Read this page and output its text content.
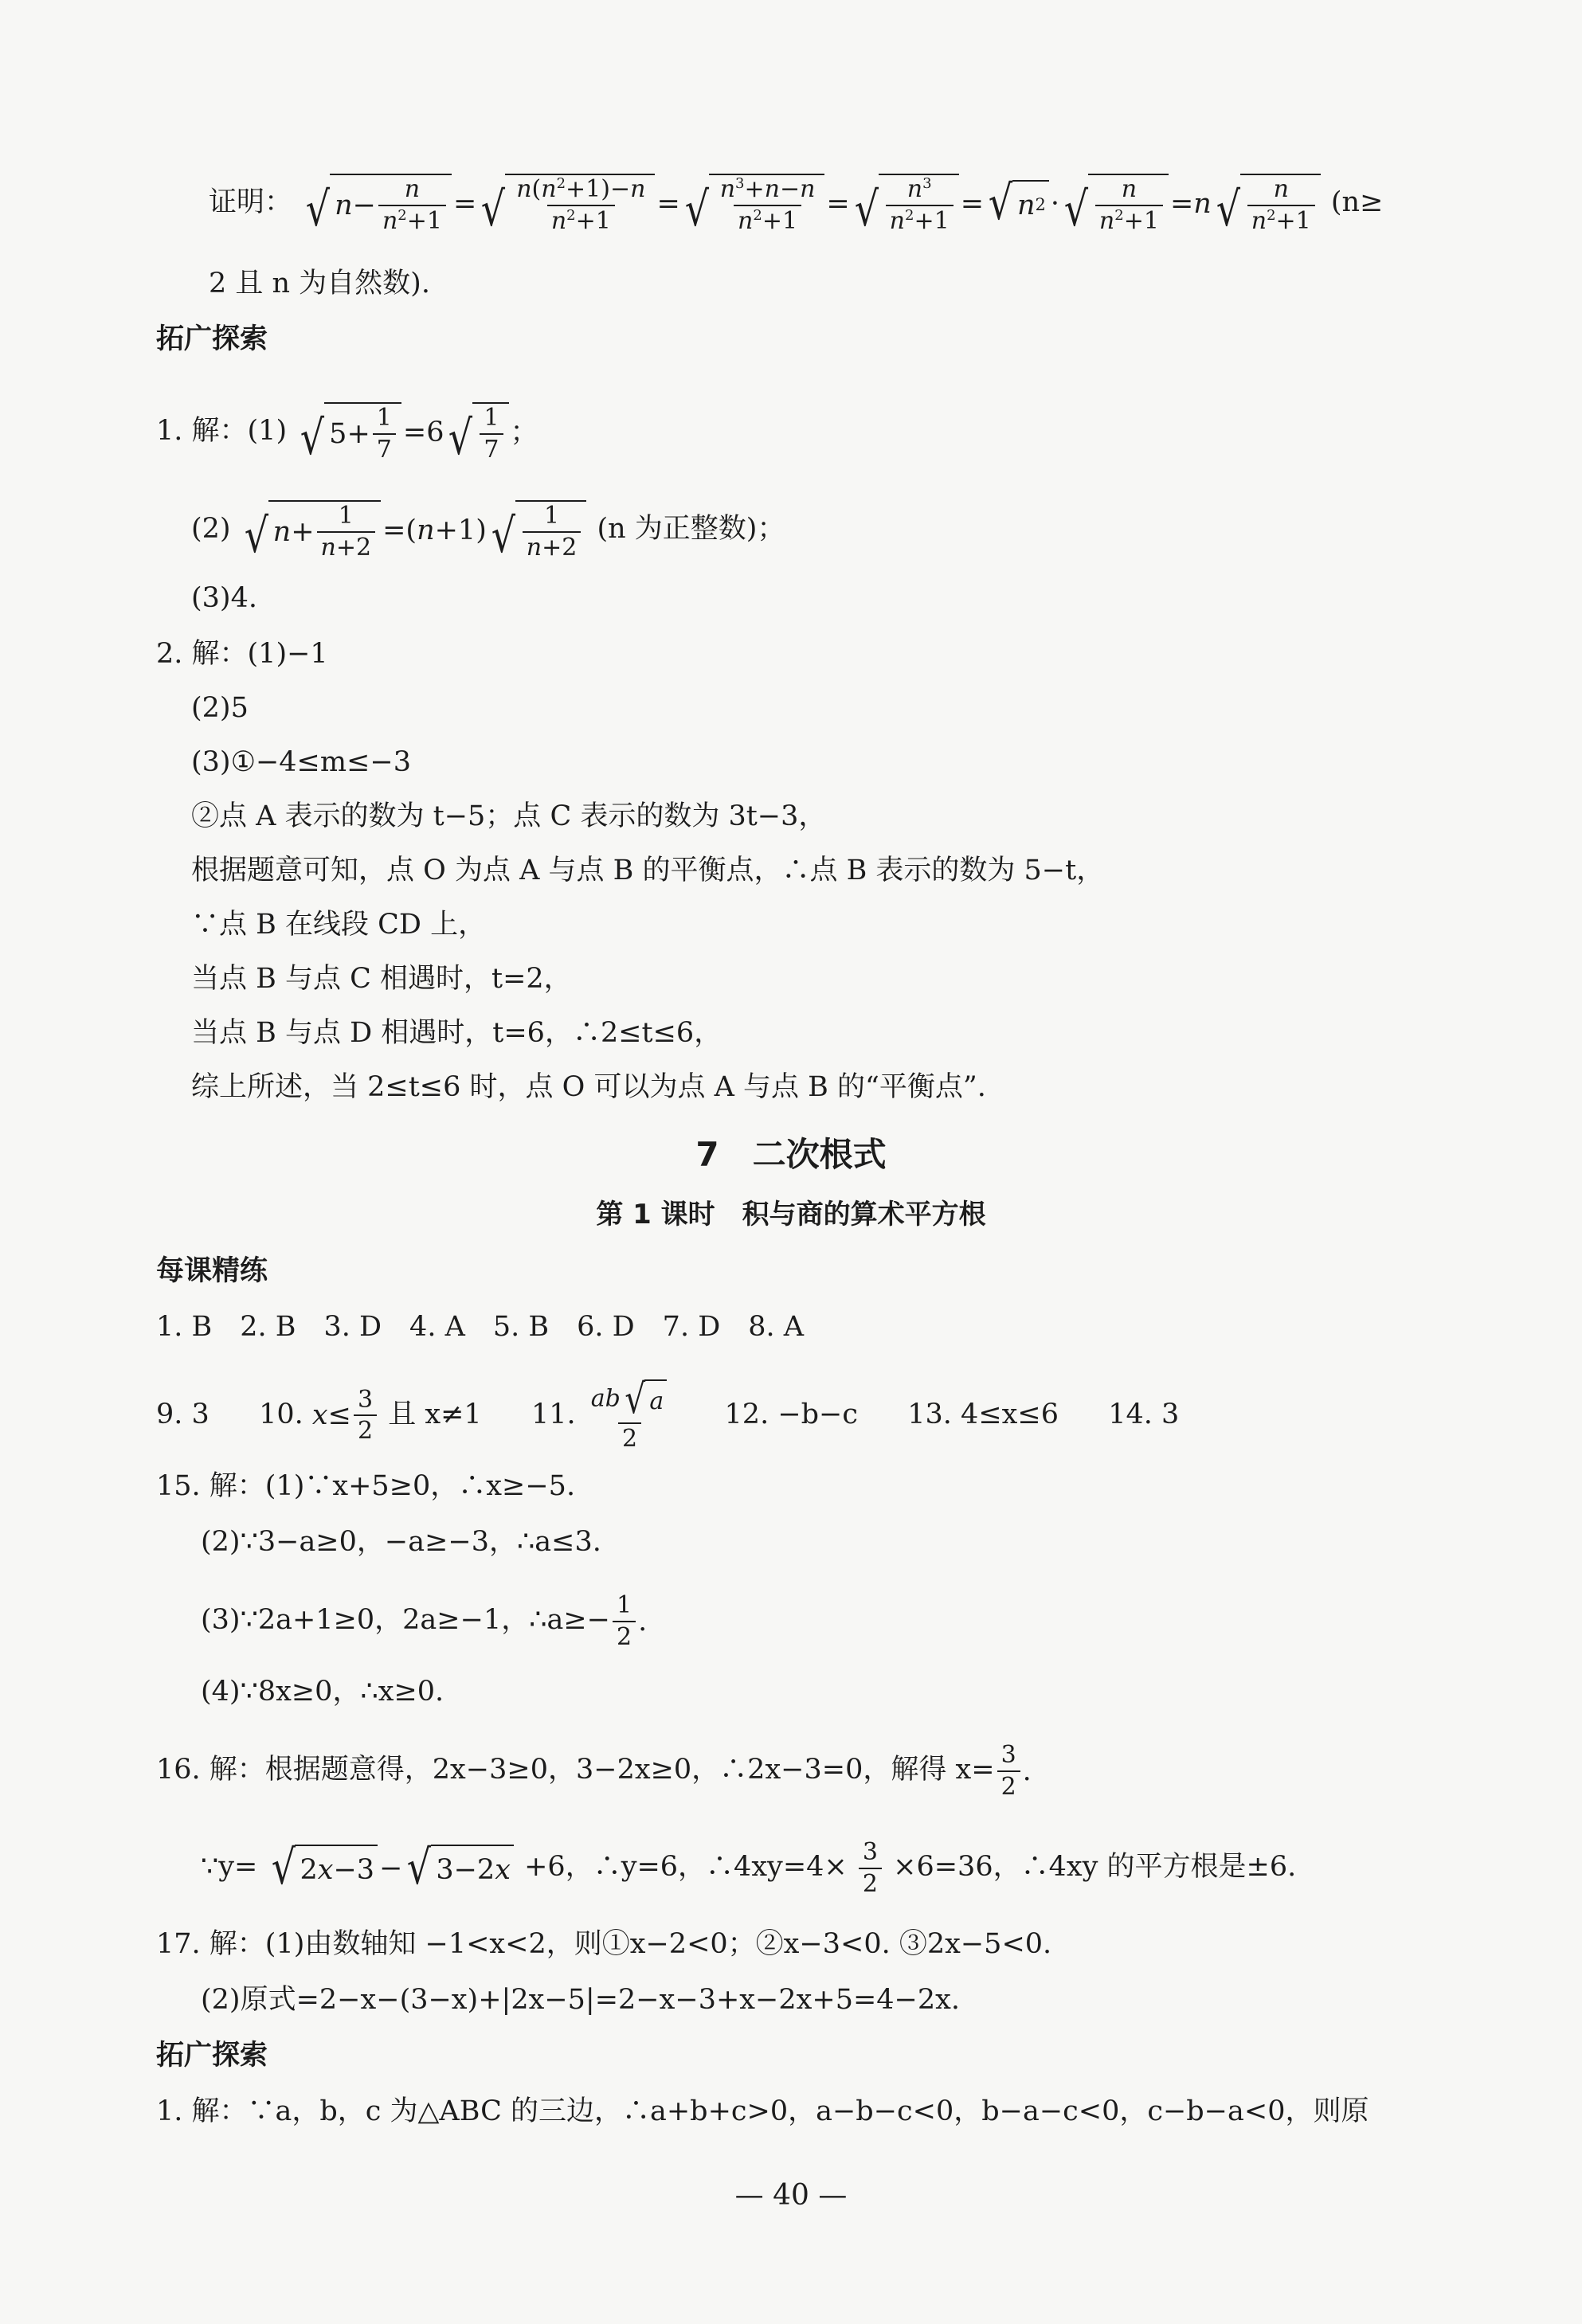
证明： √ $n - \frac{n}{n^2+1}$ = √ $\frac{n(n^2+1)-n}{n^2+1}$ = √ $\frac{n^3+n-n}{n^2+1}$ = √ $\frac{n^3}{n^2+1}$ = √ n 2 · √ $\frac{n}{n^2+1} = n$ √ $\frac{n}{n^2+1} (n\ge$
2 且 n 为自然数).
拓广探索
1. 解：(1) √ $5+ \frac{1}{7} =6$ √ $\frac{1}{7}$ ；
(2) √ $n + \frac{1}{n+2} =(n+1)$ √ $\frac{1}{n+2} (n$ 为正整数)；
(3)4.
2. 解：(1)−1
(2)5
(3)①−4≤m≤−3
②点 A 表示的数为 t−5；点 C 表示的数为 3t−3，
根据题意可知，点 O 为点 A 与点 B 的平衡点，∴点 B 表示的数为 5−t，
∵点 B 在线段 CD 上，
当点 B 与点 C 相遇时，t=2，
当点 B 与点 D 相遇时，t=6，∴2≤t≤6，
综上所述，当 2≤t≤6 时，点 O 可以为点 A 与点 B 的“平衡点”.
7　二次根式
第 1 课时　积与商的算术平方根
每课精练
1. B　2. B　3. D　4. A　5. B　6. D　7. D　8. A
9. 3 10. $x \le \frac{3}{2}$ 且 x≠1 11. $\frac{ab √ a}{2} 12$. −b−c 13. 4≤x≤6 14. 3
15. 解：(1)∵x+5≥0，∴x≥−5.
(2)∵3−a≥0，−a≥−3，∴a≤3.
(3)∵2a+1≥0，2a≥−1，∴a≥− $\frac{1}{2}$ .
(4)∵8x≥0，∴x≥0.
16. 解：根据题意得，2x−3≥0，3−2x≥0，∴2x−3=0，解得 $x= \frac{3}{2}$ .
∵y= √ 2 x −3 − √ 3−2 x +6，∴y=6，∴4xy=4× $\frac{3}{2} \times 6=36$，∴4xy 的平方根是±6.
17. 解：(1)由数轴知 −1<x<2，则①x−2<0；②x−3<0. ③2x−5<0.
(2)原式=2−x−(3−x)+|2x−5|=2−x−3+x−2x+5=4−2x.
拓广探索
1. 解：∵a，b，c 为△ABC 的三边，∴a+b+c>0，a−b−c<0，b−a−c<0，c−b−a<0，则原
— 40 —
